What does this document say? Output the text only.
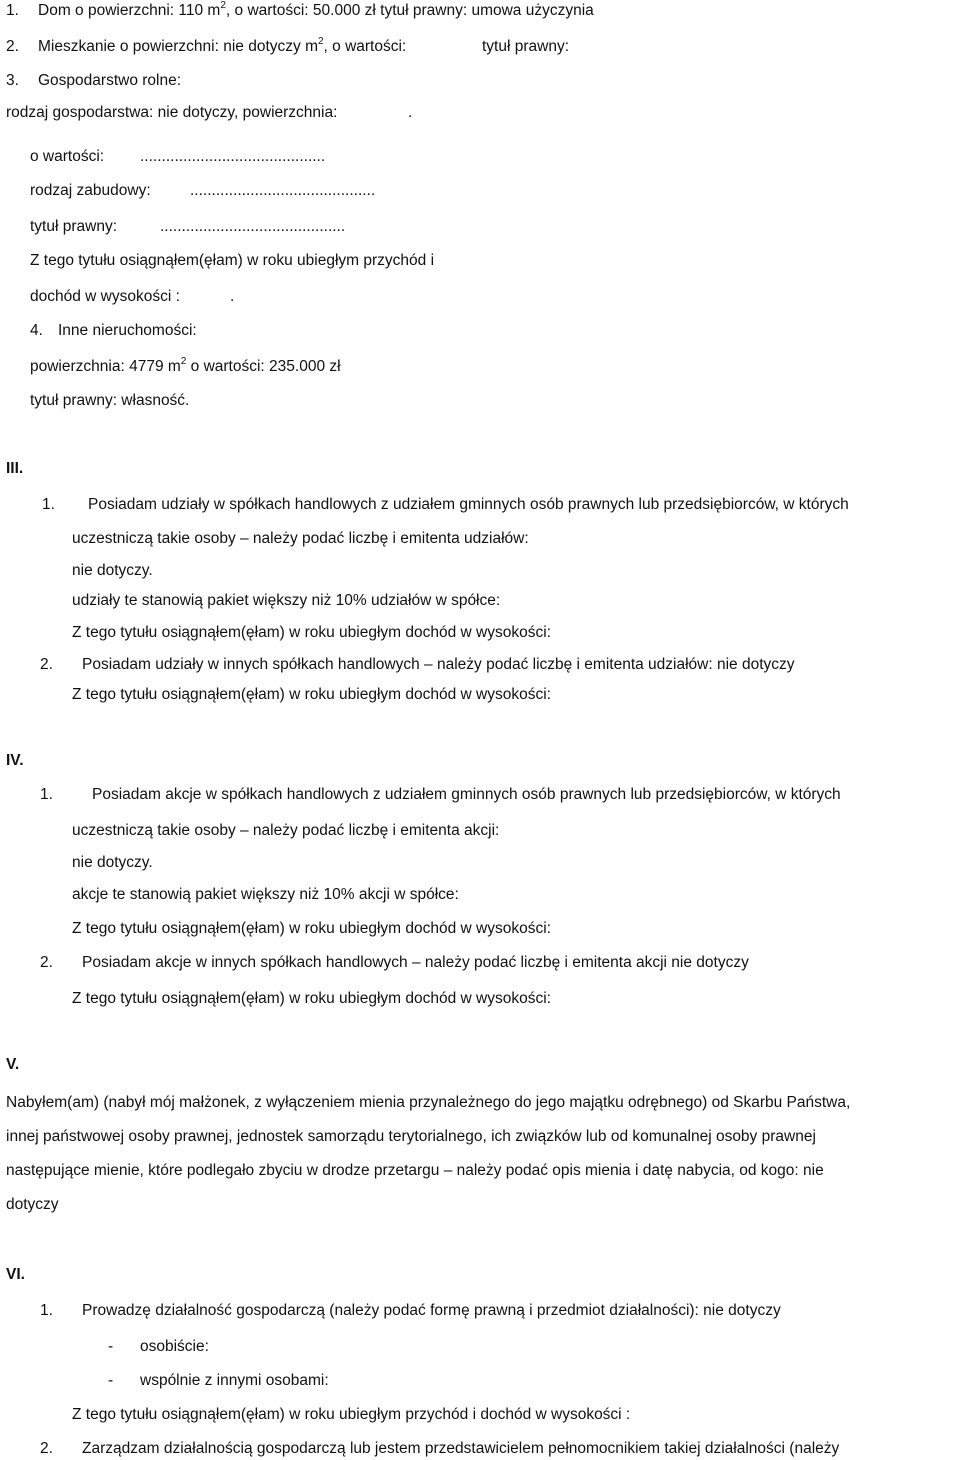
1. Dom o powierzchni: 110 $m^2$, o wartości: 50.000 zł tytuł prawny: umowa użyczynia
2. Mieszkanie o powierzchni: nie dotyczy $m^2$, o wartości:	tytuł prawny:
3. Gospodarstwo rolne:
rodzaj gospodarstwa: nie dotyczy, powierzchnia:	.
o wartości: ...........................................
rodzaj zabudowy:	...........................................
tytuł prawny:	...........................................
Z tego tytułu osiągnąłem(ęłam) w roku ubiegłym przychód i
dochód w wysokości :	.
4. Inne nieruchomości:
powierzchnia: 4779 $m^2$ o wartości: 235.000 zł
tytuł prawny: własność.
III.
1. Posiadam udziały w spółkach handlowych z udziałem gminnych osób prawnych lub przedsiębiorców, w których
uczestniczą takie osoby – należy podać liczbę i emitenta udziałów:
nie dotyczy.
udziały te stanowią pakiet większy niż 10% udziałów w spółce:
Z tego tytułu osiągnąłem(ęłam) w roku ubiegłym dochód w wysokości:
2. Posiadam udziały w innych spółkach handlowych – należy podać liczbę i emitenta udziałów: nie dotyczy
Z tego tytułu osiągnąłem(ęłam) w roku ubiegłym dochód w wysokości:
IV.
1.	Posiadam akcje w spółkach handlowych z udziałem gminnych osób prawnych lub przedsiębiorców, w których
uczestniczą takie osoby – należy podać liczbę i emitenta akcji:
nie dotyczy.
akcje te stanowią pakiet większy niż 10% akcji w spółce:
Z tego tytułu osiągnąłem(ęłam) w roku ubiegłym dochód w wysokości:
2. Posiadam akcje w innych spółkach handlowych – należy podać liczbę i emitenta akcji nie dotyczy
Z tego tytułu osiągnąłem(ęłam) w roku ubiegłym dochód w wysokości:
V.
Nabyłem(am) (nabył mój małżonek, z wyłączeniem mienia przynależnego do jego majątku odrębnego) od Skarbu Państwa,
innej państwowej osoby prawnej, jednostek samorządu terytorialnego, ich związków lub od komunalnej osoby prawnej
następujące mienie, które podlegało zbyciu w drodze przetargu – należy podać opis mienia i datę nabycia, od kogo: nie
dotyczy
VI.
1. Prowadzę działalność gospodarczą (należy podać formę prawną i przedmiot działalności): nie dotyczy
- osobiście:
- wspólnie z innymi osobami:
Z tego tytułu osiągnąłem(ęłam) w roku ubiegłym przychód i dochód w wysokości :
2. Zarządzam działalnością gospodarczą lub jestem przedstawicielem pełnomocnikiem takiej działalności (należy
